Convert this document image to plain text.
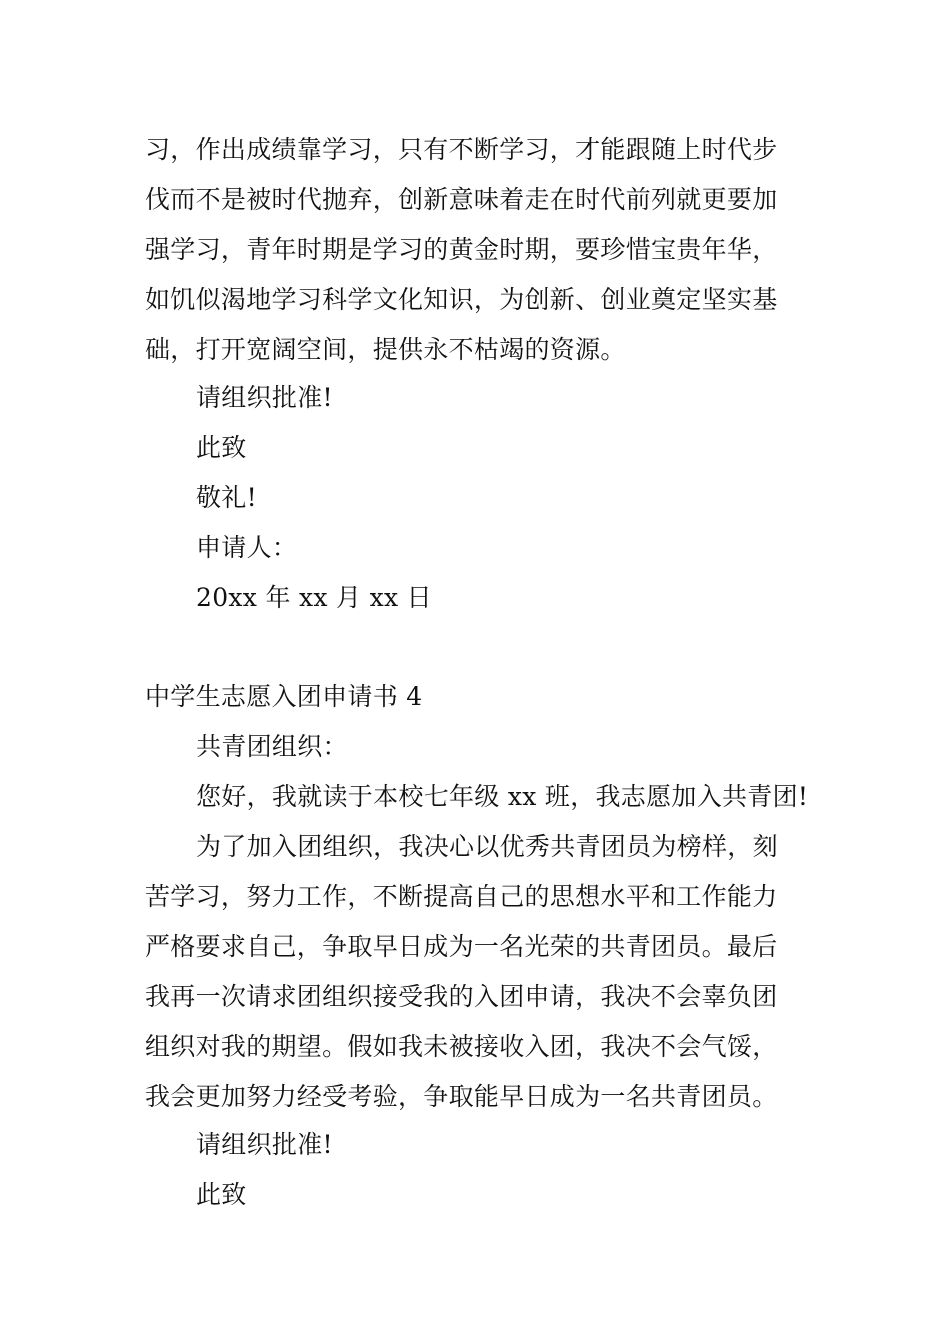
习，作出成绩靠学习，只有不断学习，才能跟随上时代步
伐而不是被时代抛弃，创新意味着走在时代前列就更要加
强学习，青年时期是学习的黄金时期，要珍惜宝贵年华，
如饥似渴地学习科学文化知识，为创新、创业奠定坚实基
础，打开宽阔空间，提供永不枯竭的资源。
请组织批准!
此致
敬礼!
申请人：
20xx 年 xx 月 xx 日
中学生志愿入团申请书 4
共青团组织：
您好，我就读于本校七年级 xx 班，我志愿加入共青团!
为了加入团组织，我决心以优秀共青团员为榜样，刻
苦学习，努力工作，不断提高自己的思想水平和工作能力
严格要求自己，争取早日成为一名光荣的共青团员。最后
我再一次请求团组织接受我的入团申请，我决不会辜负团
组织对我的期望。假如我未被接收入团，我决不会气馁，
我会更加努力经受考验，争取能早日成为一名共青团员。
请组织批准!
此致
